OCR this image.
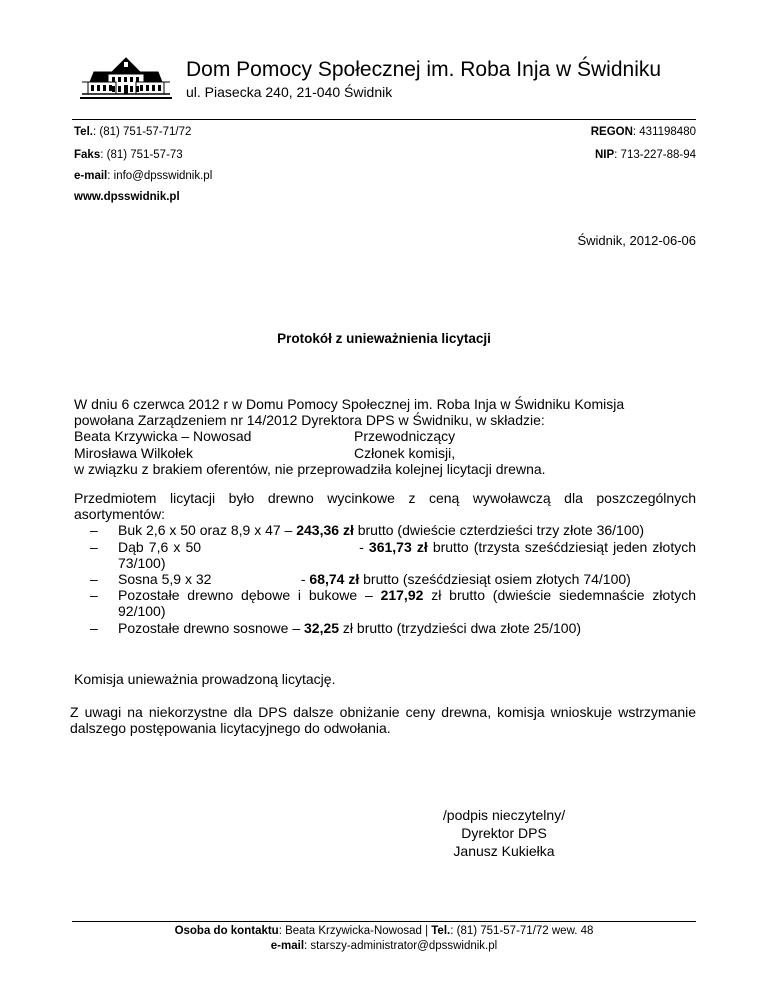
Dom Pomocy Społecznej im. Roba Inja w Świdniku
ul. Piasecka 240, 21-040 Świdnik
Tel.: (81) 751-57-71/72
Faks: (81) 751-57-73
e-mail: info@dpsswidnik.pl
www.dpsswidnik.pl
REGON: 431198480
NIP: 713-227-88-94
Świdnik, 2012-06-06
Protokół z unieważnienia licytacji
W dniu 6 czerwca 2012 r w Domu Pomocy Społecznej im. Roba Inja w Świdniku Komisja
powołana Zarządzeniem nr 14/2012 Dyrektora DPS w Świdniku, w składzie:
Beata Krzywicka – Nowosad	Przewodniczący
Mirosława Wilkołek	Członek komisji,
w związku z brakiem oferentów, nie przeprowadziła kolejnej licytacji drewna.
Przedmiotem licytacji było drewno wycinkowe z ceną wywoławczą dla poszczególnych asortymentów:
– Buk 2,6 x 50 oraz 8,9 x 47 – 243,36 zł brutto (dwieście czterdzieści trzy złote 36/100)
– Dąb 7,6 x 50                               - 361,73 zł brutto (trzysta sześćdziesiąt jeden złotych 73/100)
– Sosna 5,9 x 32                       - 68,74 zł brutto (sześćdziesiąt osiem złotych 74/100)
– Pozostałe drewno dębowe i bukowe – 217,92 zł brutto (dwieście siedemnaście złotych 92/100)
– Pozostałe drewno sosnowe – 32,25 zł brutto (trzydzieści dwa złote 25/100)
Komisja unieważnia prowadzoną licytację.
Z uwagi na niekorzystne dla DPS dalsze obniżanie ceny drewna, komisja wnioskuje wstrzymanie dalszego postępowania licytacyjnego do odwołania.
/podpis nieczytelny/
Dyrektor DPS
Janusz Kukiełka
Osoba do kontaktu: Beata Krzywicka-Nowosad | Tel.: (81) 751-57-71/72 wew. 48
e-mail: starszy-administrator@dpsswidnik.pl
